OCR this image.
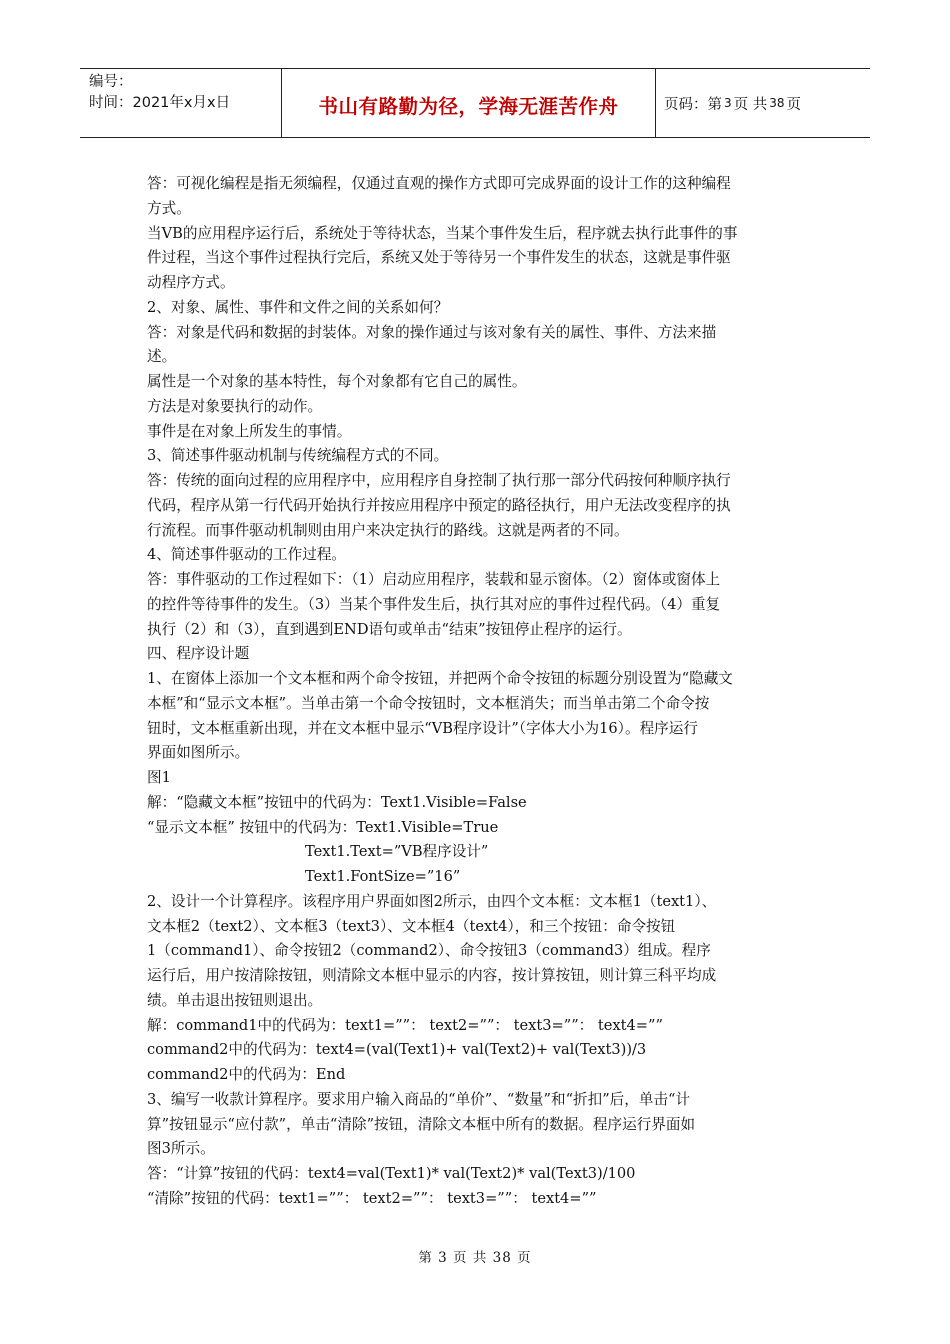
编号：
时间：2021年x月x日	书山有路勤为径，学海无涯苦作舟	页码：第 3 页 共 38 页
答：可视化编程是指无须编程，仅通过直观的操作方式即可完成界面的设计工作的这种编程
方式。
当VB的应用程序运行后，系统处于等待状态，当某个事件发生后，程序就去执行此事件的事
件过程，当这个事件过程执行完后，系统又处于等待另一个事件发生的状态，这就是事件驱
动程序方式。
2、对象、属性、事件和文件之间的关系如何？
答：对象是代码和数据的封装体。对象的操作通过与该对象有关的属性、事件、方法来描
述。
属性是一个对象的基本特性，每个对象都有它自己的属性。
方法是对象要执行的动作。
事件是在对象上所发生的事情。
3、简述事件驱动机制与传统编程方式的不同。
答：传统的面向过程的应用程序中，应用程序自身控制了执行那一部分代码按何种顺序执行
代码，程序从第一行代码开始执行并按应用程序中预定的路径执行，用户无法改变程序的执
行流程。而事件驱动机制则由用户来决定执行的路线。这就是两者的不同。
4、简述事件驱动的工作过程。
答：事件驱动的工作过程如下：（1）启动应用程序，装载和显示窗体。（2）窗体或窗体上
的控件等待事件的发生。（3）当某个事件发生后，执行其对应的事件过程代码。（4）重复
执行（2）和（3），直到遇到END语句或单击“结束”按钮停止程序的运行。
四、程序设计题
1、在窗体上添加一个文本框和两个命令按钮，并把两个命令按钮的标题分别设置为“隐藏文
本框”和“显示文本框”。当单击第一个命令按钮时，文本框消失；而当单击第二个命令按
钮时，文本框重新出现，并在文本框中显示“VB程序设计”（字体大小为16）。程序运行
界面如图所示。
图1
解：“隐藏文本框”按钮中的代码为：Text1.Visible=False
“显示文本框” 按钮中的代码为：Text1.Visible=True
Text1.Text=”VB程序设计”
Text1.FontSize=”16”
2、设计一个计算程序。该程序用户界面如图2所示，由四个文本框：文本框1（text1）、
文本框2（text2）、文本框3（text3）、文本框4（text4），和三个按钮：命令按钮
1（command1）、命令按钮2（command2）、命令按钮3（command3）组成。程序
运行后，用户按清除按钮，则清除文本框中显示的内容，按计算按钮，则计算三科平均成
绩。单击退出按钮则退出。
解：command1中的代码为：text1=””： text2=””： text3=””： text4=””
command2中的代码为：text4=(val(Text1)+ val(Text2)+ val(Text3))/3
command2中的代码为：End
3、编写一收款计算程序。要求用户输入商品的“单价”、“数量”和“折扣”后，单击“计
算”按钮显示“应付款”，单击“清除”按钮，清除文本框中所有的数据。程序运行界面如
图3所示。
答：“计算”按钮的代码：text4=val(Text1)* val(Text2)* val(Text3)/100
“清除”按钮的代码：text1=””： text2=””： text3=””： text4=””
第 3 页 共 38 页
